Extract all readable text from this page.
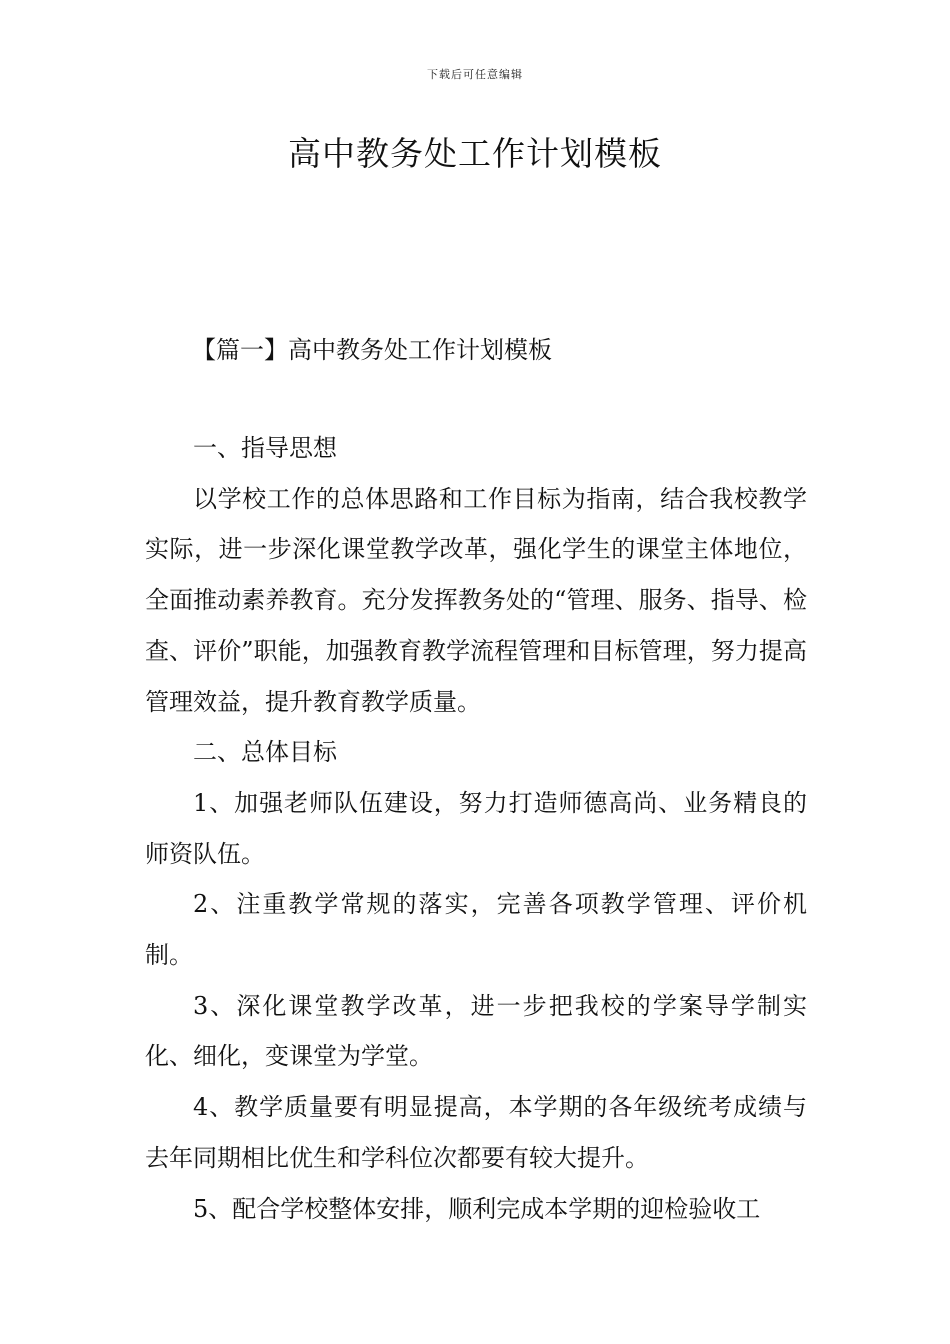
下载后可任意编辑
高中教务处工作计划模板
【篇一】高中教务处工作计划模板

一、指导思想

以学校工作的总体思路和工作目标为指南，结合我校教学实际，进一步深化课堂教学改革，强化学生的课堂主体地位，全面推动素养教育。充分发挥教务处的“管理、服务、指导、检查、评价”职能，加强教育教学流程管理和目标管理，努力提高管理效益，提升教育教学质量。

二、总体目标

1、加强老师队伍建设，努力打造师德高尚、业务精良的师资队伍。

2、注重教学常规的落实，完善各项教学管理、评价机制。

3、深化课堂教学改革，进一步把我校的学案导学制实化、细化，变课堂为学堂。

4、教学质量要有明显提高，本学期的各年级统考成绩与去年同期相比优生和学科位次都要有较大提升。

5、配合学校整体安排，顺利完成本学期的迎检验收工
